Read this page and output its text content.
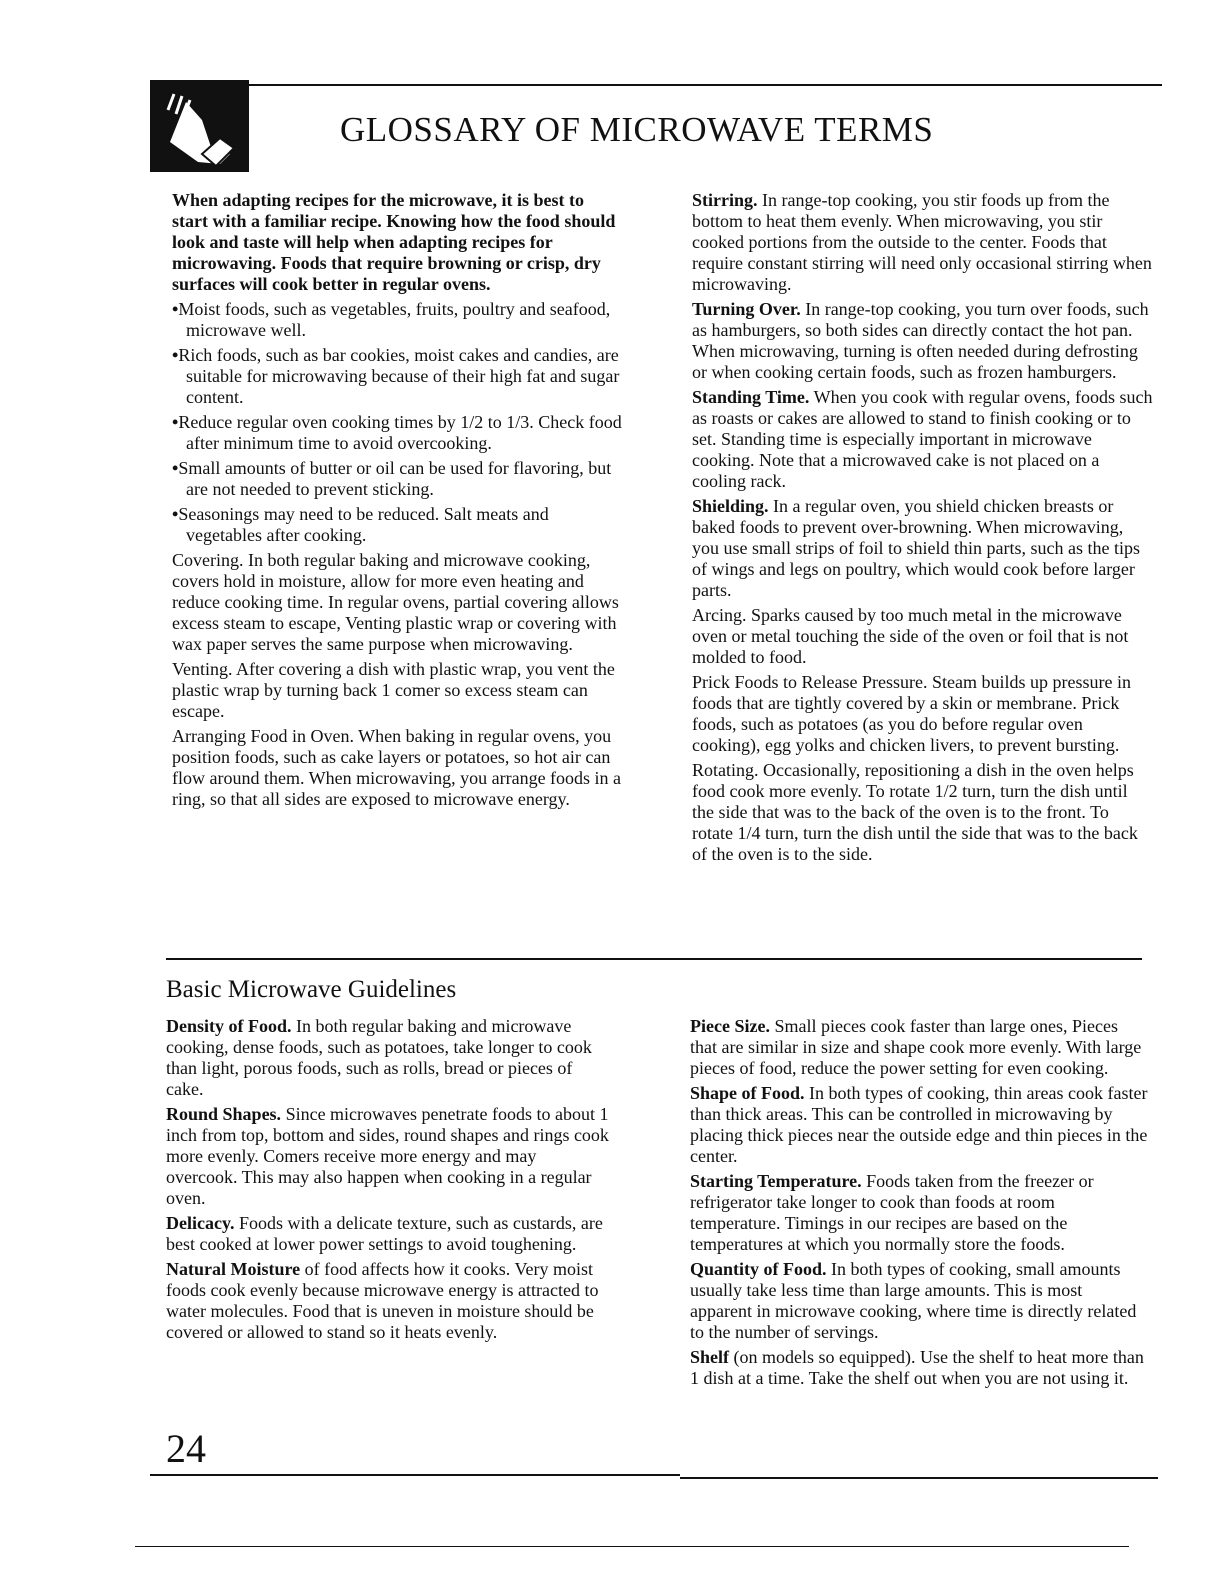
GLOSSARY OF MICROWAVE TERMS

When adapting recipes for the microwave, it is best to start with a familiar recipe. Knowing how the food should look and taste will help when adapting recipes for microwaving. Foods that require browning or crisp, dry surfaces will cook better in regular ovens.

•Moist foods, such as vegetables, fruits, poultry and seafood, microwave well.

•Rich foods, such as bar cookies, moist cakes and candies, are suitable for microwaving because of their high fat and sugar content.

•Reduce regular oven cooking times by 1/2 to 1/3. Check food after minimum time to avoid overcooking.

•Small amounts of butter or oil can be used for flavoring, but are not needed to prevent sticking.

•Seasonings may need to be reduced. Salt meats and vegetables after cooking.

Covering. In both regular baking and microwave cooking, covers hold in moisture, allow for more even heating and reduce cooking time. In regular ovens, partial covering allows excess steam to escape, Venting plastic wrap or covering with wax paper serves the same purpose when microwaving.

Venting. After covering a dish with plastic wrap, you vent the plastic wrap by turning back 1 comer so excess steam can escape.

Arranging Food in Oven. When baking in regular ovens, you position foods, such as cake layers or potatoes, so hot air can flow around them. When microwaving, you arrange foods in a ring, so that all sides are exposed to microwave energy.

Stirring. In range-top cooking, you stir foods up from the bottom to heat them evenly. When microwaving, you stir cooked portions from the outside to the center. Foods that require constant stirring will need only occasional stirring when microwaving.

Turning Over. In range-top cooking, you turn over foods, such as hamburgers, so both sides can directly contact the hot pan. When microwaving, turning is often needed during defrosting or when cooking certain foods, such as frozen hamburgers.

Standing Time. When you cook with regular ovens, foods such as roasts or cakes are allowed to stand to finish cooking or to set. Standing time is especially important in microwave cooking. Note that a microwaved cake is not placed on a cooling rack.

Shielding. In a regular oven, you shield chicken breasts or baked foods to prevent over-browning. When microwaving, you use small strips of foil to shield thin parts, such as the tips of wings and legs on poultry, which would cook before larger parts.

Arcing. Sparks caused by too much metal in the microwave oven or metal touching the side of the oven or foil that is not molded to food.

Prick Foods to Release Pressure. Steam builds up pressure in foods that are tightly covered by a skin or membrane. Prick foods, such as potatoes (as you do before regular oven cooking), egg yolks and chicken livers, to prevent bursting.

Rotating. Occasionally, repositioning a dish in the oven helps food cook more evenly. To rotate 1/2 turn, turn the dish until the side that was to the back of the oven is to the front. To rotate 1/4 turn, turn the dish until the side that was to the back of the oven is to the side.

Basic Microwave Guidelines

Density of Food. In both regular baking and microwave cooking, dense foods, such as potatoes, take longer to cook than light, porous foods, such as rolls, bread or pieces of cake.

Round Shapes. Since microwaves penetrate foods to about 1 inch from top, bottom and sides, round shapes and rings cook more evenly. Comers receive more energy and may overcook. This may also happen when cooking in a regular oven.

Delicacy. Foods with a delicate texture, such as custards, are best cooked at lower power settings to avoid toughening.

Natural Moisture of food affects how it cooks. Very moist foods cook evenly because microwave energy is attracted to water molecules. Food that is uneven in moisture should be covered or allowed to stand so it heats evenly.

Piece Size. Small pieces cook faster than large ones, Pieces that are similar in size and shape cook more evenly. With large pieces of food, reduce the power setting for even cooking.

Shape of Food. In both types of cooking, thin areas cook faster than thick areas. This can be controlled in microwaving by placing thick pieces near the outside edge and thin pieces in the center.

Starting Temperature. Foods taken from the freezer or refrigerator take longer to cook than foods at room temperature. Timings in our recipes are based on the temperatures at which you normally store the foods.

Quantity of Food. In both types of cooking, small amounts usually take less time than large amounts. This is most apparent in microwave cooking, where time is directly related to the number of servings.

Shelf (on models so equipped). Use the shelf to heat more than 1 dish at a time. Take the shelf out when you are not using it.

24
